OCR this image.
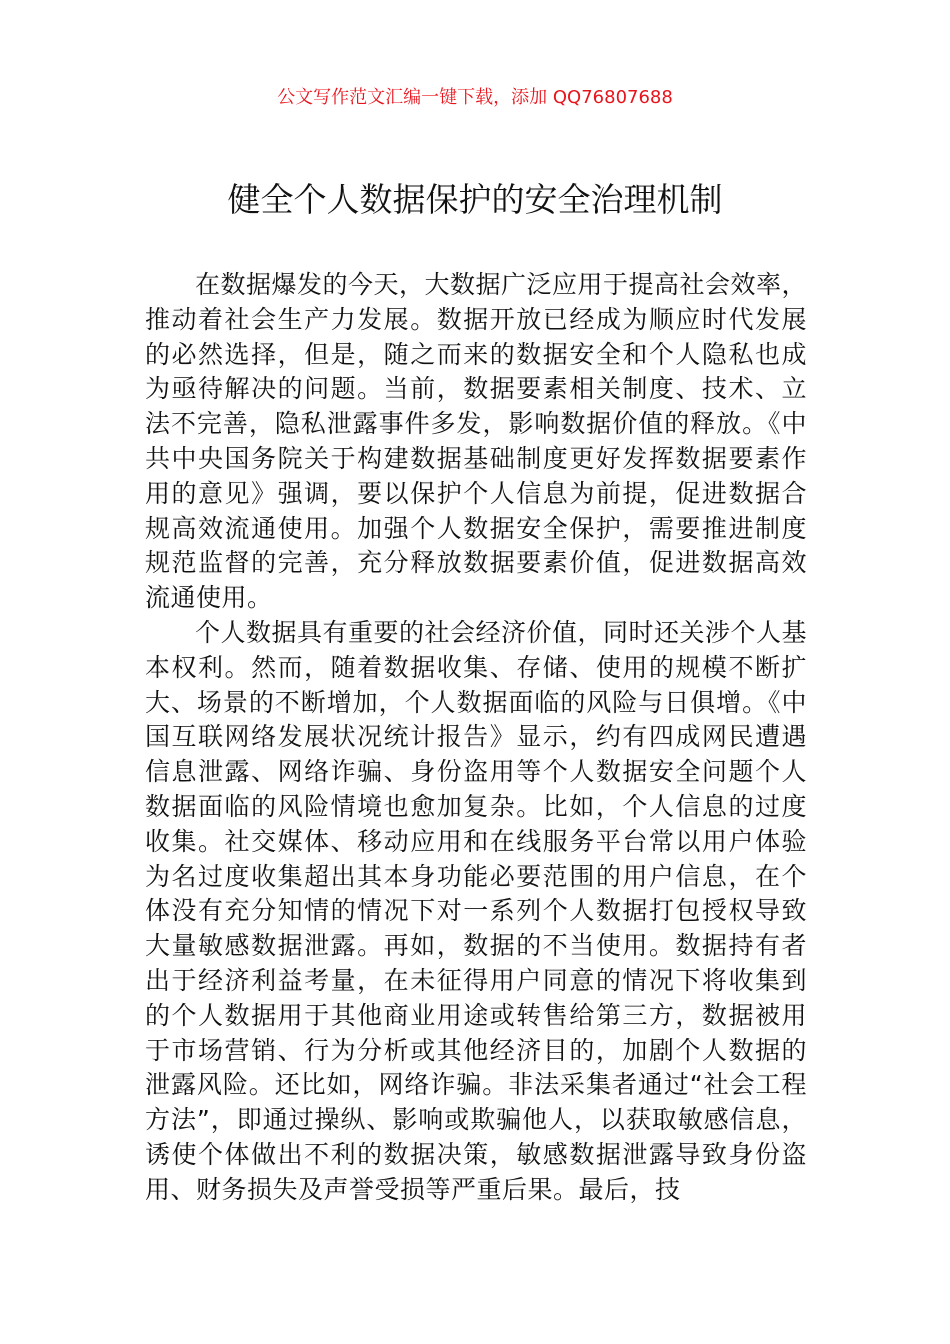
公文写作范文汇编一键下载，添加 QQ76807688
健全个人数据保护的安全治理机制

在数据爆发的今天，大数据广泛应用于提高社会效率，推动着社会生产力发展。数据开放已经成为顺应时代发展的必然选择，但是，随之而来的数据安全和个人隐私也成为亟待解决的问题。当前，数据要素相关制度、技术、立法不完善，隐私泄露事件多发，影响数据价值的释放。《中共中央国务院关于构建数据基础制度更好发挥数据要素作用的意见》强调，要以保护个人信息为前提，促进数据合规高效流通使用。加强个人数据安全保护，需要推进制度规范监督的完善，充分释放数据要素价值，促进数据高效流通使用。

个人数据具有重要的社会经济价值，同时还关涉个人基本权利。然而，随着数据收集、存储、使用的规模不断扩大、场景的不断增加，个人数据面临的风险与日俱增。《中国互联网络发展状况统计报告》显示，约有四成网民遭遇信息泄露、网络诈骗、身份盗用等个人数据安全问题个人数据面临的风险情境也愈加复杂。比如，个人信息的过度收集。社交媒体、移动应用和在线服务平台常以用户体验为名过度收集超出其本身功能必要范围的用户信息，在个体没有充分知情的情况下对一系列个人数据打包授权导致大量敏感数据泄露。再如，数据的不当使用。数据持有者出于经济利益考量，在未征得用户同意的情况下将收集到的个人数据用于其他商业用途或转售给第三方，数据被用于市场营销、行为分析或其他经济目的，加剧个人数据的泄露风险。还比如，网络诈骗。非法采集者通过“社会工程方法”，即通过操纵、影响或欺骗他人，以获取敏感信息，诱使个体做出不利的数据决策，敏感数据泄露导致身份盗用、财务损失及声誉受损等严重后果。最后，技
